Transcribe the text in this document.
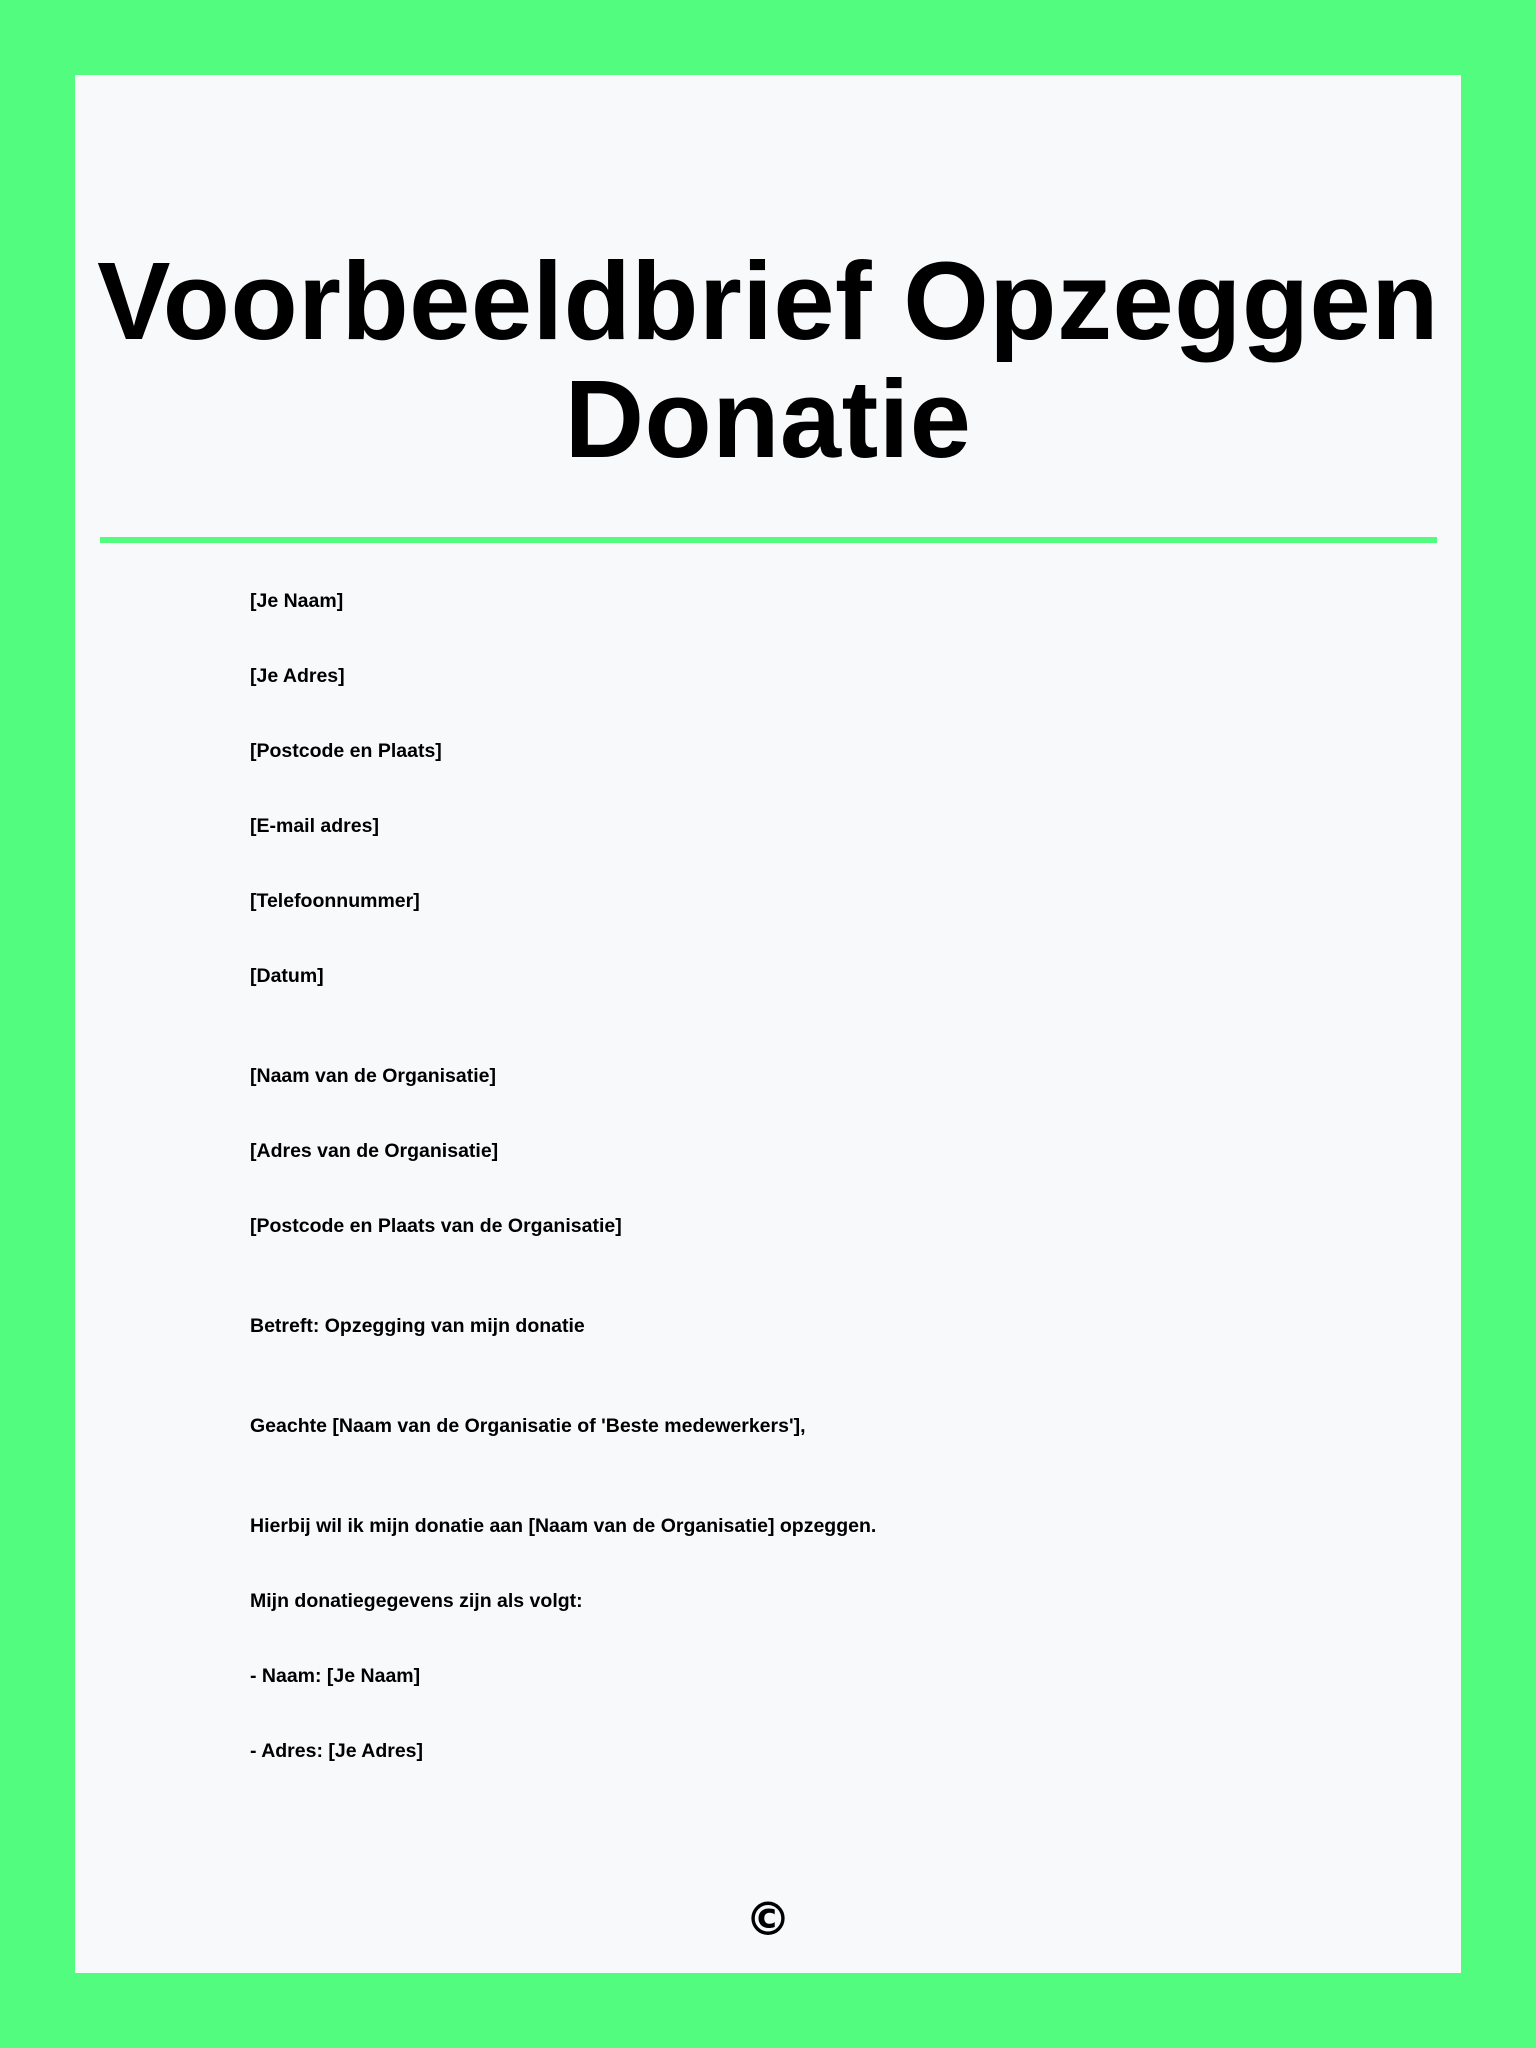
Voorbeeldbrief Opzeggen Donatie

[Je Naam]

[Je Adres]

[Postcode en Plaats]

[E-mail adres]

[Telefoonnummer]

[Datum]

[Naam van de Organisatie]

[Adres van de Organisatie]

[Postcode en Plaats van de Organisatie]

Betreft: Opzegging van mijn donatie

Geachte [Naam van de Organisatie of 'Beste medewerkers'],

Hierbij wil ik mijn donatie aan [Naam van de Organisatie] opzeggen.

Mijn donatiegegevens zijn als volgt:

- Naam: [Je Naam]

- Adres: [Je Adres]

©
